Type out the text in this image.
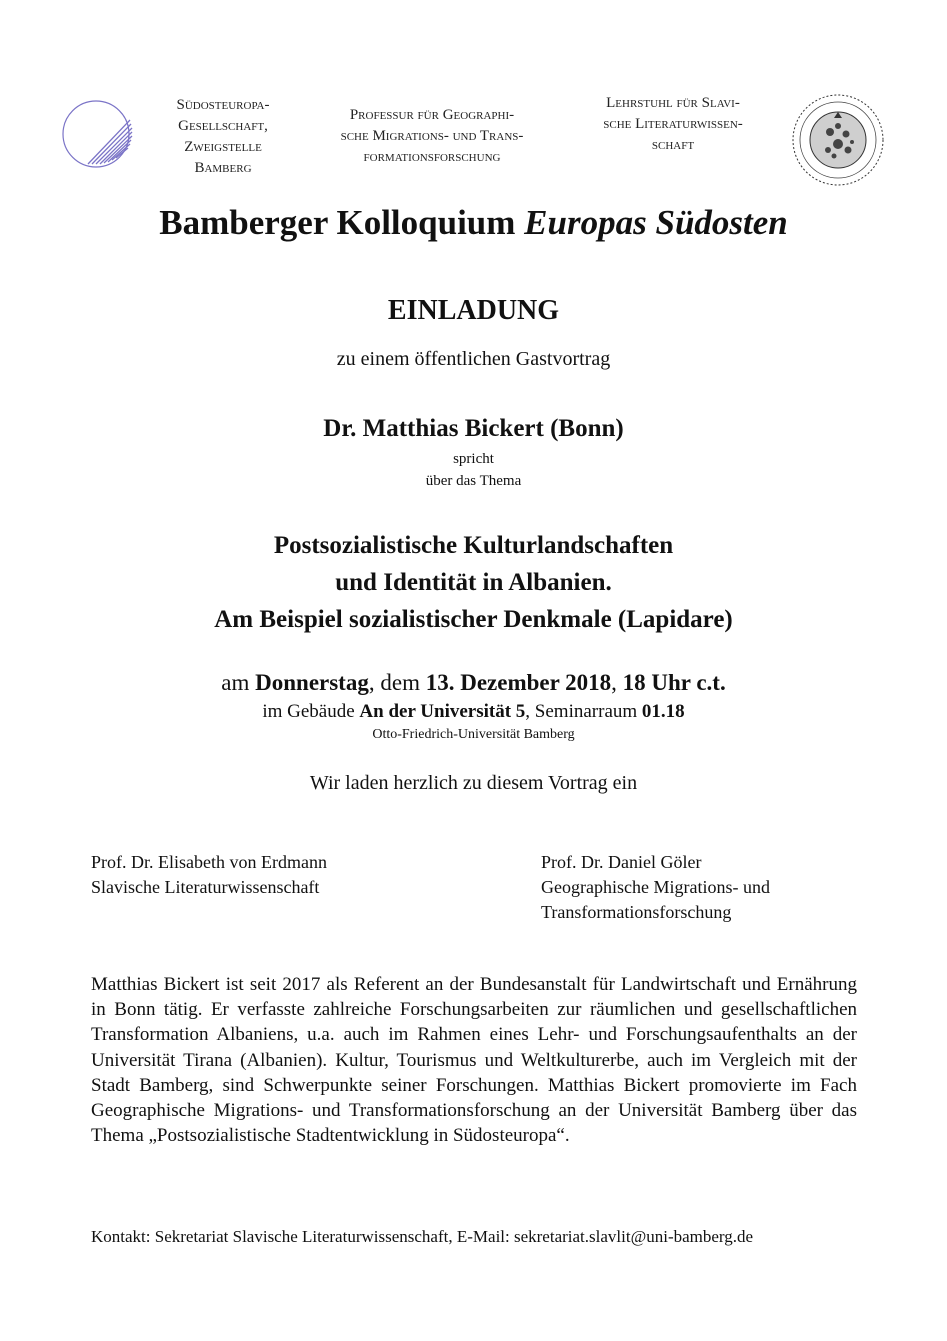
Südosteuropa-
Gesellschaft,
Zweigstelle
Bamberg
Professur für Geographi-
sche Migrations- und Trans-
formationsforschung
Lehrstuhl für Slavi-
sche Literaturwissen-
schaft
Bamberger Kolloquium Europas Südosten
EINLADUNG
zu einem öffentlichen Gastvortrag
Dr. Matthias Bickert (Bonn)
spricht
über das Thema
Postsozialistische Kulturlandschaften
und Identität in Albanien.
Am Beispiel sozialistischer Denkmale (Lapidare)
am Donnerstag, dem 13. Dezember 2018, 18 Uhr c.t.
im Gebäude An der Universität 5, Seminarraum 01.18
Otto-Friedrich-Universität Bamberg
Wir laden herzlich zu diesem Vortrag ein
Prof. Dr. Elisabeth von Erdmann
Slavische Literaturwissenschaft
Prof. Dr. Daniel Göler
Geographische Migrations- und
Transformationsforschung
Matthias Bickert ist seit 2017 als Referent an der Bundesanstalt für Landwirtschaft und Ernährung in Bonn tätig. Er verfasste zahlreiche Forschungsarbeiten zur räumlichen und gesellschaftlichen Transformation Albaniens, u.a. auch im Rahmen eines Lehr- und Forschungsaufenthalts an der Universität Tirana (Albanien). Kultur, Tourismus und Weltkulturerbe, auch im Vergleich mit der Stadt Bamberg, sind Schwerpunkte seiner Forschungen. Matthias Bickert promovierte im Fach Geographische Migrations- und Transformationsforschung an der Universität Bamberg über das Thema „Postsozialistische Stadtentwicklung in Südosteuropa“.
Kontakt: Sekretariat Slavische Literaturwissenschaft, E-Mail: sekretariat.slavlit@uni-bamberg.de
